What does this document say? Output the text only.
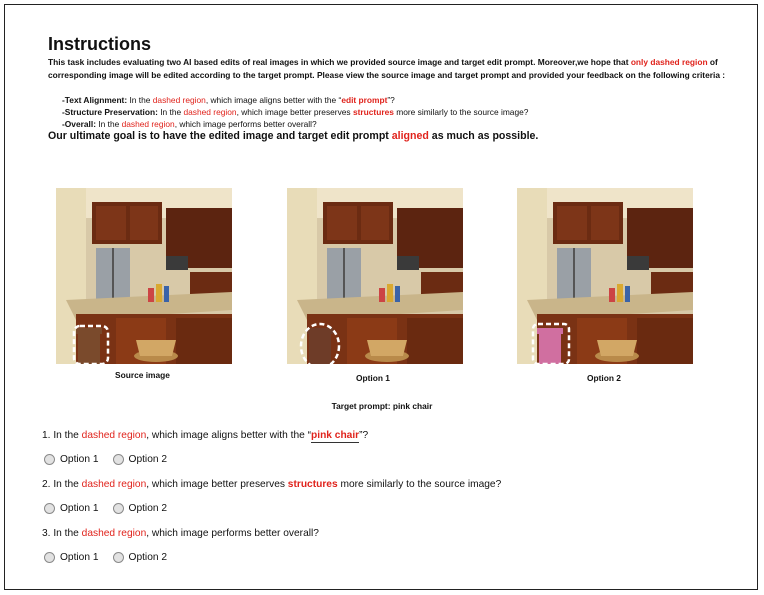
Instructions
This task includes evaluating two AI based edits of real images in which we provided source image and target edit prompt. Moreover,we hope that only dashed region of corresponding image will be edited according to the target prompt. Please view the source image and target prompt and provided your feedback on the following criteria :
-Text Alignment: In the dashed region, which image aligns better with the “edit prompt”?
-Structure Preservation: In the dashed region, which image better preserves structures more similarly to the source image?
-Overall: In the dashed region, which image performs better overall?
Our ultimate goal is to have the edited image and target edit prompt aligned as much as possible.
Source image	Option 1	Option 2
Target prompt: pink chair
1. In the dashed region, which image aligns better with the “pink chair”?
Option 1	Option 2
2. In the dashed region, which image better preserves structures more similarly to the source image?
Option 1	Option 2
3. In the dashed region, which image performs better overall?
Option 1	Option 2
